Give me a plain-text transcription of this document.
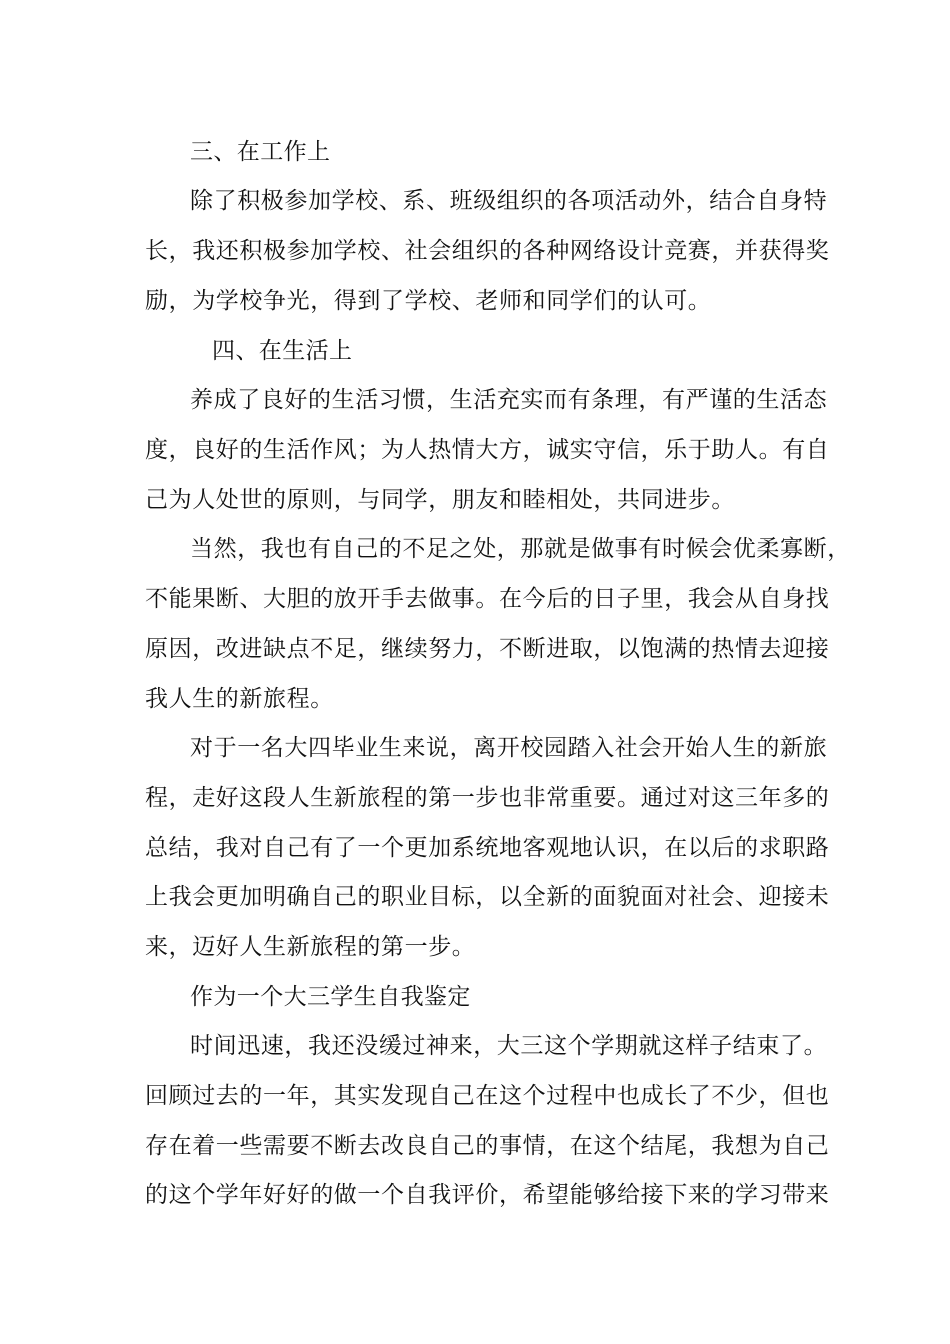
三、在工作上
除了积极参加学校、系、班级组织的各项活动外，结合自身特
长，我还积极参加学校、社会组织的各种网络设计竞赛，并获得奖
励，为学校争光，得到了学校、老师和同学们的认可。
四、在生活上
养成了良好的生活习惯，生活充实而有条理，有严谨的生活态
度，良好的生活作风；为人热情大方，诚实守信，乐于助人。有自
己为人处世的原则，与同学，朋友和睦相处，共同进步。
当然，我也有自己的不足之处，那就是做事有时候会优柔寡断，
不能果断、大胆的放开手去做事。在今后的日子里，我会从自身找
原因，改进缺点不足，继续努力，不断进取，以饱满的热情去迎接
我人生的新旅程。
对于一名大四毕业生来说，离开校园踏入社会开始人生的新旅
程，走好这段人生新旅程的第一步也非常重要。通过对这三年多的
总结，我对自己有了一个更加系统地客观地认识，在以后的求职路
上我会更加明确自己的职业目标，以全新的面貌面对社会、迎接未
来，迈好人生新旅程的第一步。
作为一个大三学生自我鉴定
时间迅速，我还没缓过神来，大三这个学期就这样子结束了。
回顾过去的一年，其实发现自己在这个过程中也成长了不少，但也
存在着一些需要不断去改良自己的事情，在这个结尾，我想为自己
的这个学年好好的做一个自我评价，希望能够给接下来的学习带来
